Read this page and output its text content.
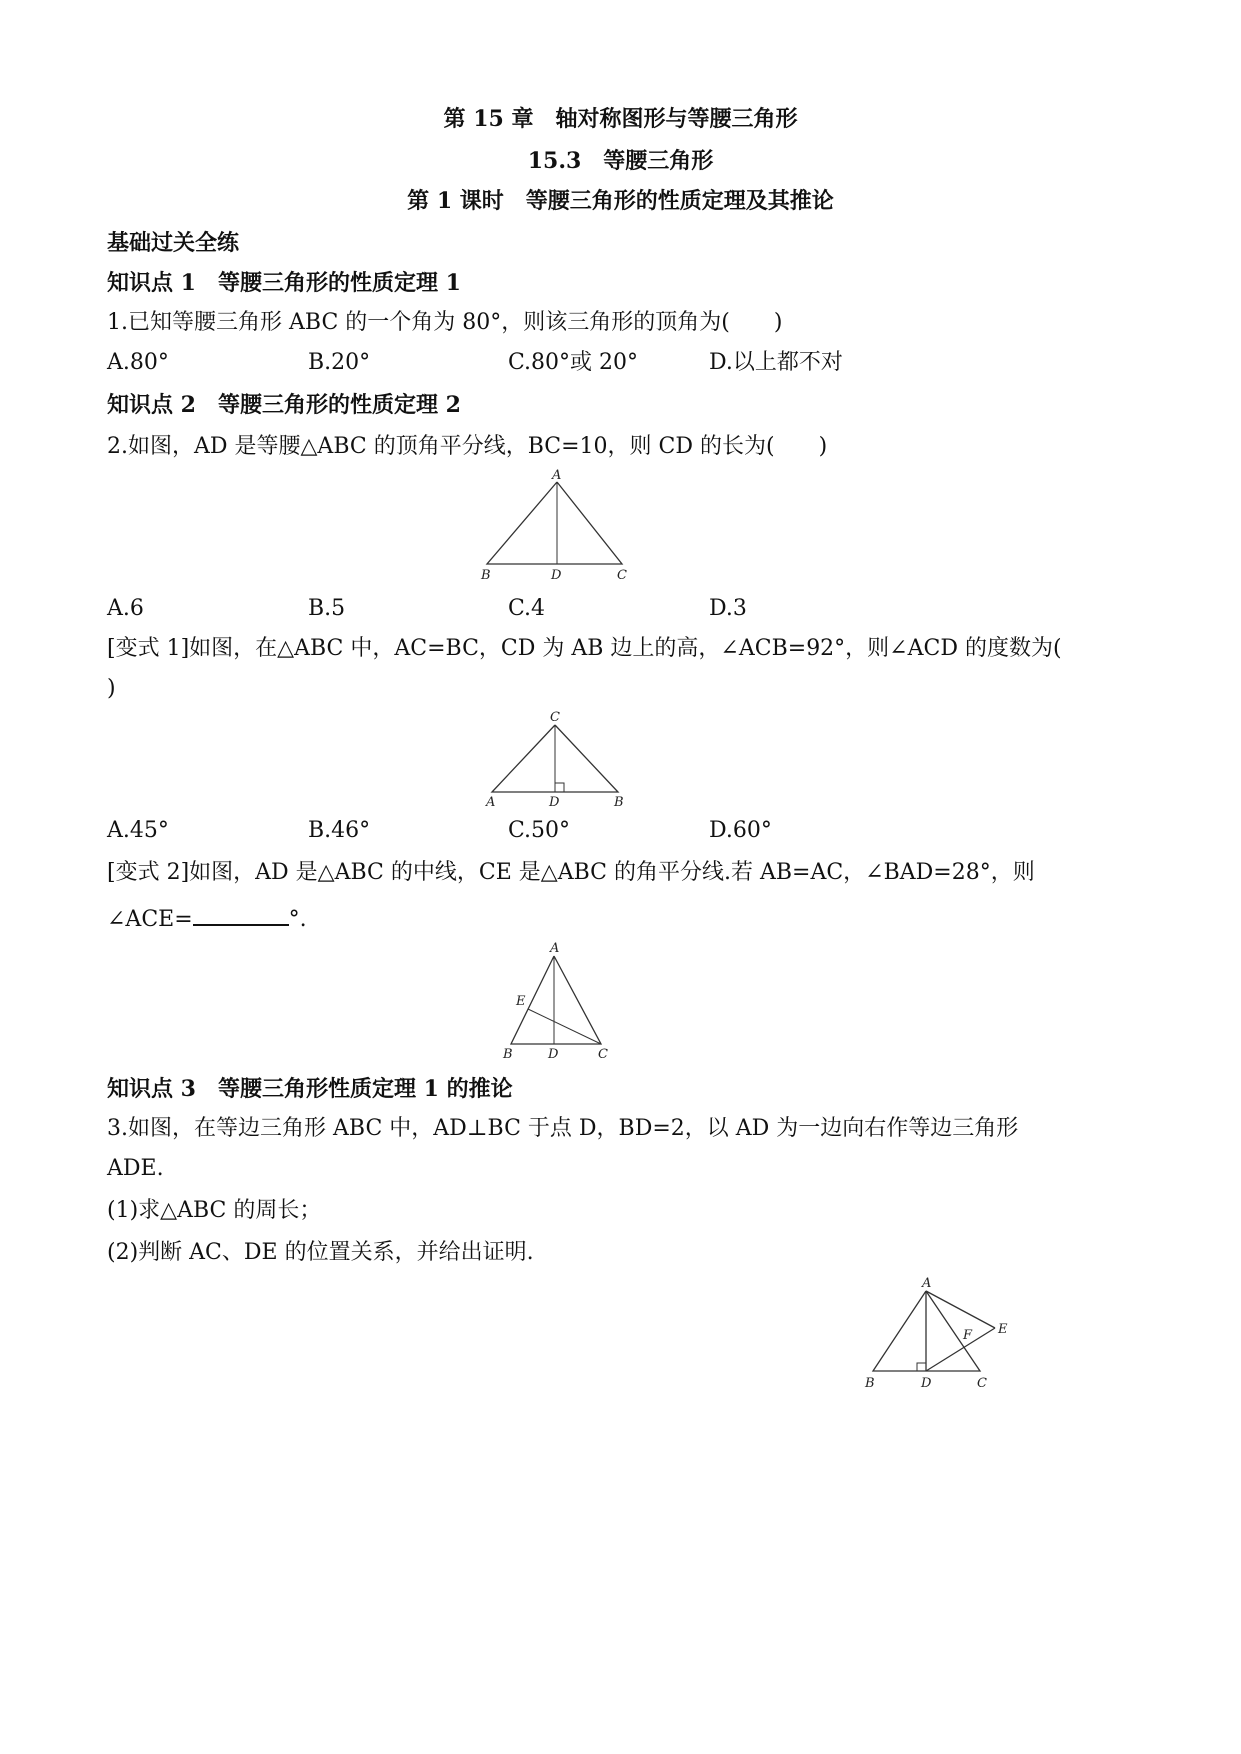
第 15 章　轴对称图形与等腰三角形
15.3　等腰三角形
第 1 课时　等腰三角形的性质定理及其推论
基础过关全练
知识点 1　等腰三角形的性质定理 1
1.已知等腰三角形 ABC 的一个角为 80°，则该三角形的顶角为(　　)
A.80°	B.20°	C.80°或 20°	D.以上都不对
知识点 2　等腰三角形的性质定理 2
2.如图，AD 是等腰△ABC 的顶角平分线，BC=10，则 CD 的长为(　　)
A
B	D	C
A.6	B.5	C.4	D.3
[变式 1]如图，在△ABC 中，AC=BC，CD 为 AB 边上的高，∠ACB=92°，则∠ACD 的度数为(
)
C
A	D	B
A.45°	B.46°	C.50°	D.60°
[变式 2]如图，AD 是△ABC 的中线，CE 是△ABC 的角平分线.若 AB=AC，∠BAD=28°，则
∠ACE=	°.
A
E
B	D	C
知识点 3　等腰三角形性质定理 1 的推论
3.如图，在等边三角形 ABC 中，AD⊥BC 于点 D，BD=2，以 AD 为一边向右作等边三角形
ADE.
(1)求△ABC 的周长；
(2)判断 AC、DE 的位置关系，并给出证明.
A
E
F
B	D	C
